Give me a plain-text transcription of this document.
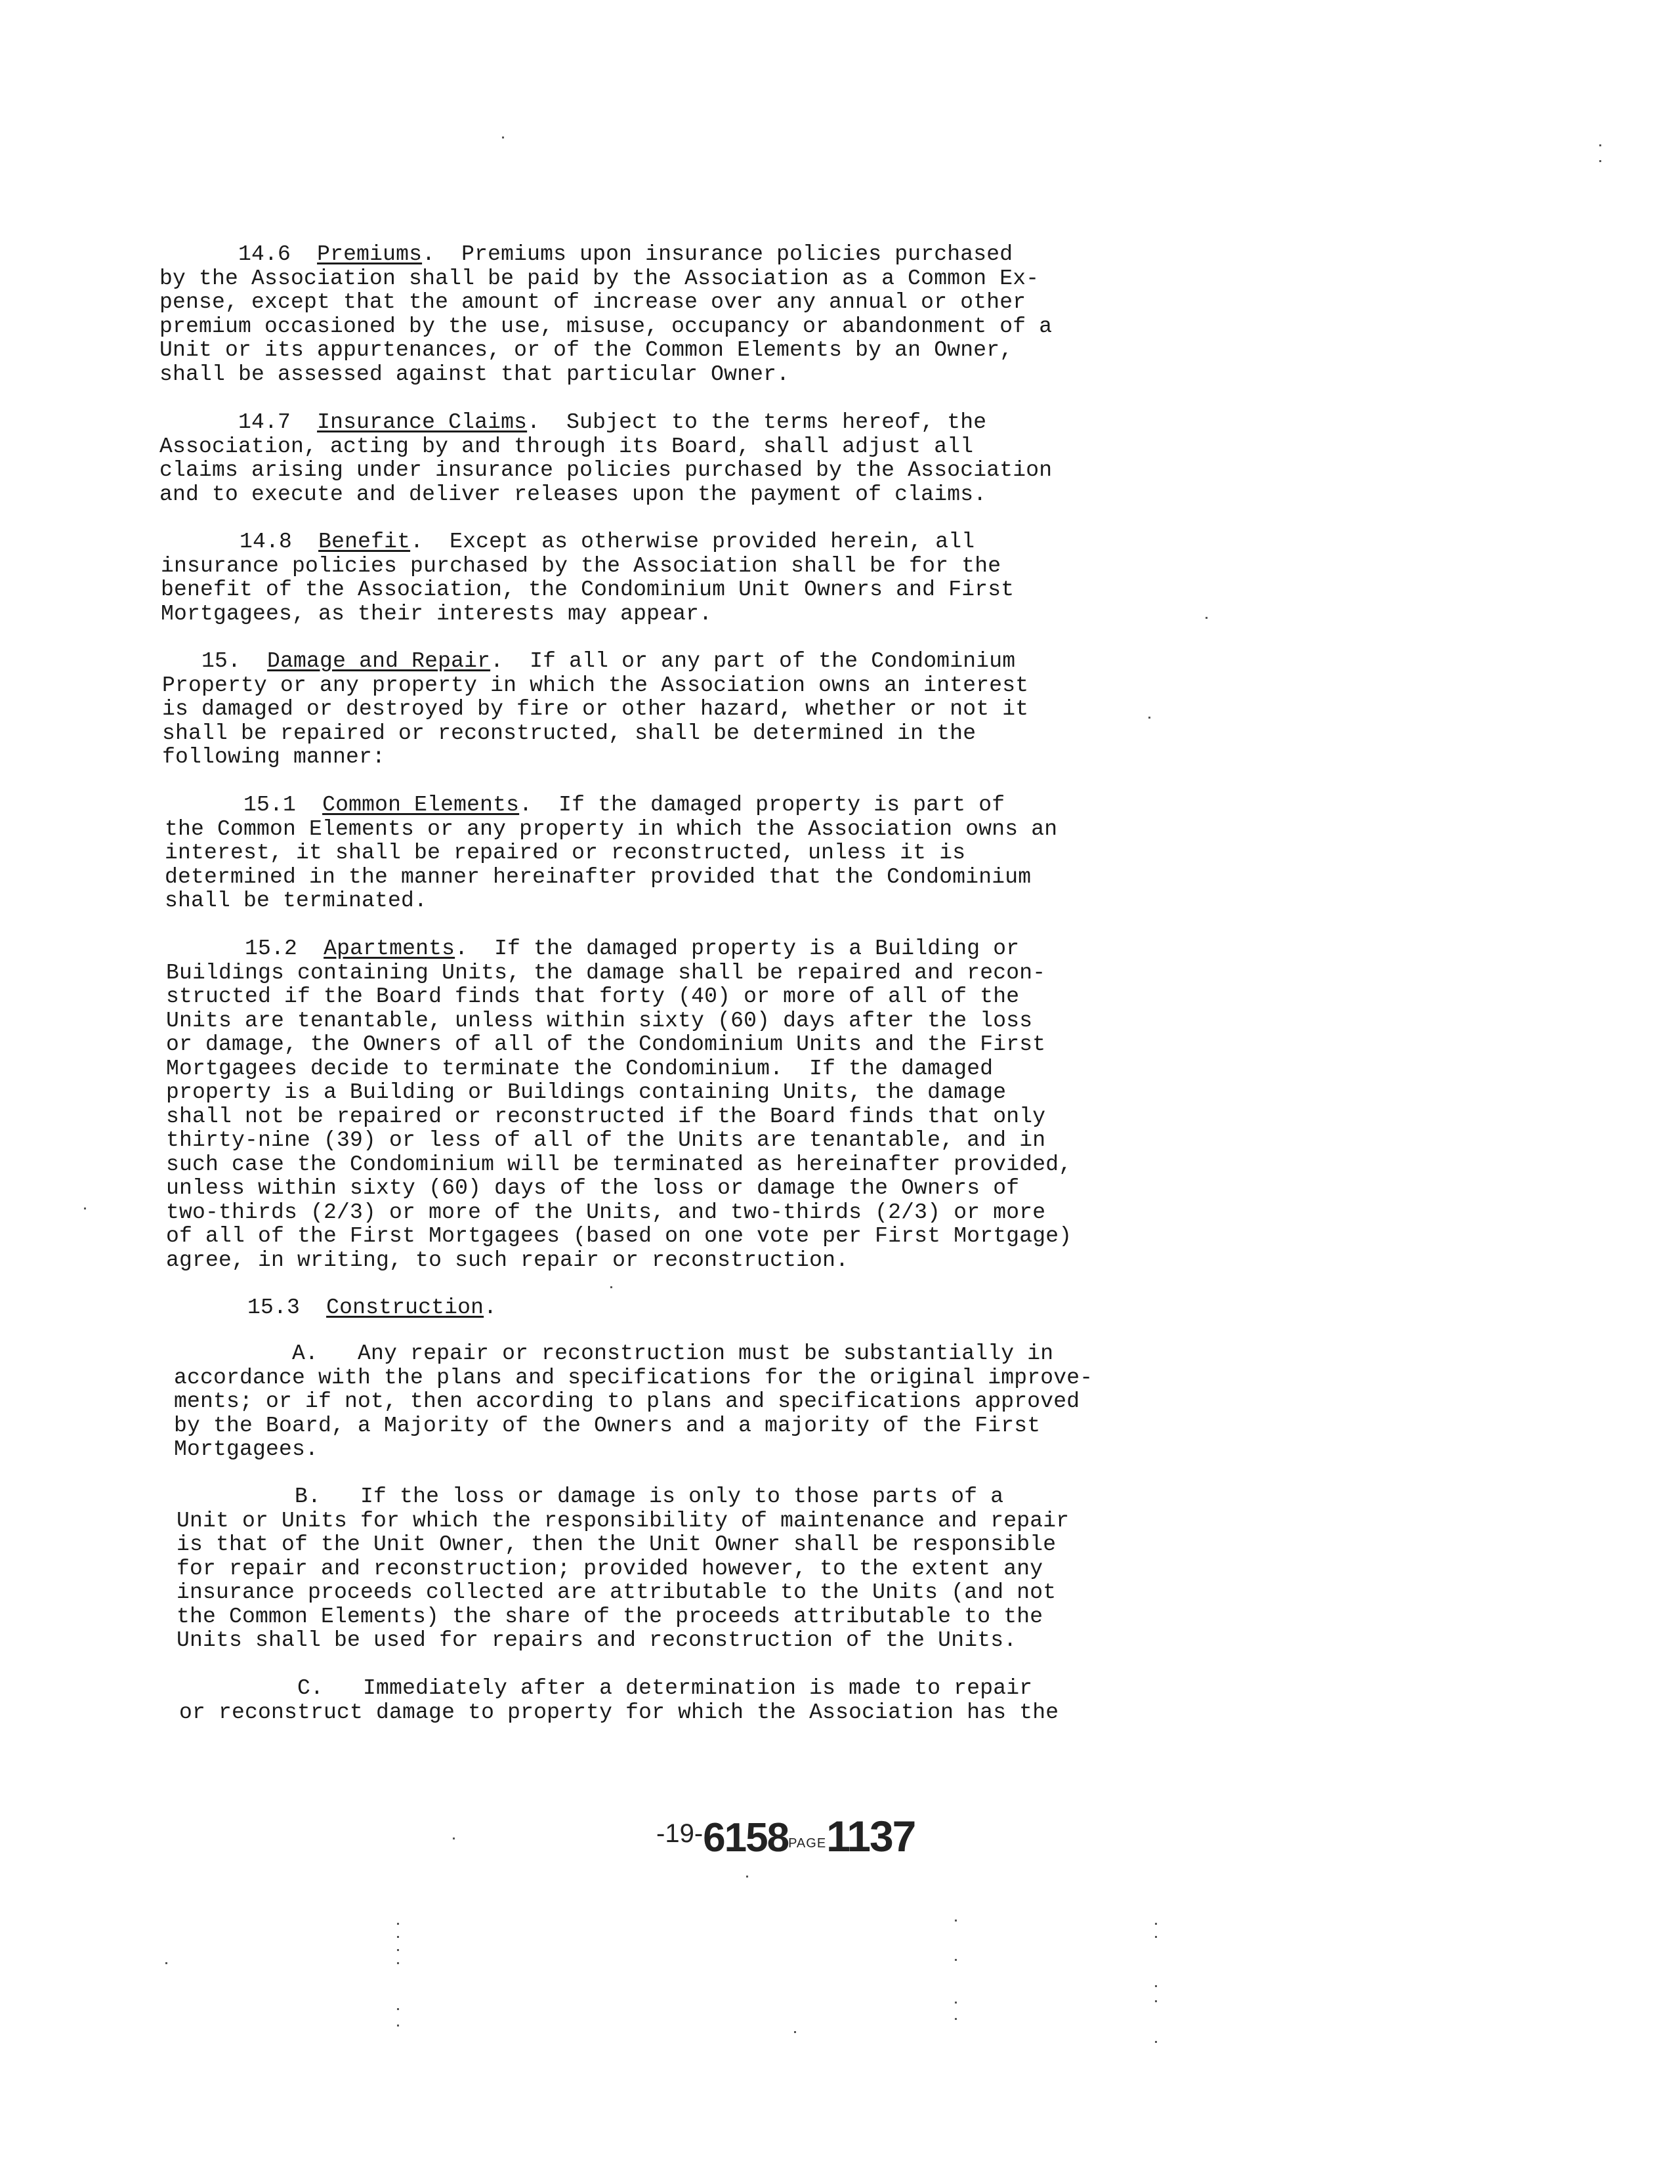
14.6 Premiums.  Premiums upon insurance policies purchased
by the Association shall be paid by the Association as a Common Ex-
pense, except that the amount of increase over any annual or other
premium occasioned by the use, misuse, occupancy or abandonment of a
Unit or its appurtenances, or of the Common Elements by an Owner,
shall be assessed against that particular Owner.
14.7 Insurance Claims.  Subject to the terms hereof, the
Association, acting by and through its Board, shall adjust all
claims arising under insurance policies purchased by the Association
and to execute and deliver releases upon the payment of claims.
14.8 Benefit.  Except as otherwise provided herein, all
insurance policies purchased by the Association shall be for the
benefit of the Association, the Condominium Unit Owners and First
Mortgagees, as their interests may appear.
15. Damage and Repair.  If all or any part of the Condominium
Property or any property in which the Association owns an interest
is damaged or destroyed by fire or other hazard, whether or not it
shall be repaired or reconstructed, shall be determined in the
following manner:
15.1 Common Elements.  If the damaged property is part of
the Common Elements or any property in which the Association owns an
interest, it shall be repaired or reconstructed, unless it is
determined in the manner hereinafter provided that the Condominium
shall be terminated.
15.2 Apartments.  If the damaged property is a Building or
Buildings containing Units, the damage shall be repaired and recon-
structed if the Board finds that forty (40) or more of all of the
Units are tenantable, unless within sixty (60) days after the loss
or damage, the Owners of all of the Condominium Units and the First
Mortgagees decide to terminate the Condominium.  If the damaged
property is a Building or Buildings containing Units, the damage
shall not be repaired or reconstructed if the Board finds that only
thirty-nine (39) or less of all of the Units are tenantable, and in
such case the Condominium will be terminated as hereinafter provided,
unless within sixty (60) days of the loss or damage the Owners of
two-thirds (2/3) or more of the Units, and two-thirds (2/3) or more
of all of the First Mortgagees (based on one vote per First Mortgage)
agree, in writing, to such repair or reconstruction.
15.3 Construction.
A.   Any repair or reconstruction must be substantially in
accordance with the plans and specifications for the original improve-
ments; or if not, then according to plans and specifications approved
by the Board, a Majority of the Owners and a majority of the First
Mortgagees.
B.   If the loss or damage is only to those parts of a
Unit or Units for which the responsibility of maintenance and repair
is that of the Unit Owner, then the Unit Owner shall be responsible
for repair and reconstruction; provided however, to the extent any
insurance proceeds collected are attributable to the Units (and not
the Common Elements) the share of the proceeds attributable to the
Units shall be used for repairs and reconstruction of the Units.
C.   Immediately after a determination is made to repair
or reconstruct damage to property for which the Association has the
-19-6158PAGE1137
